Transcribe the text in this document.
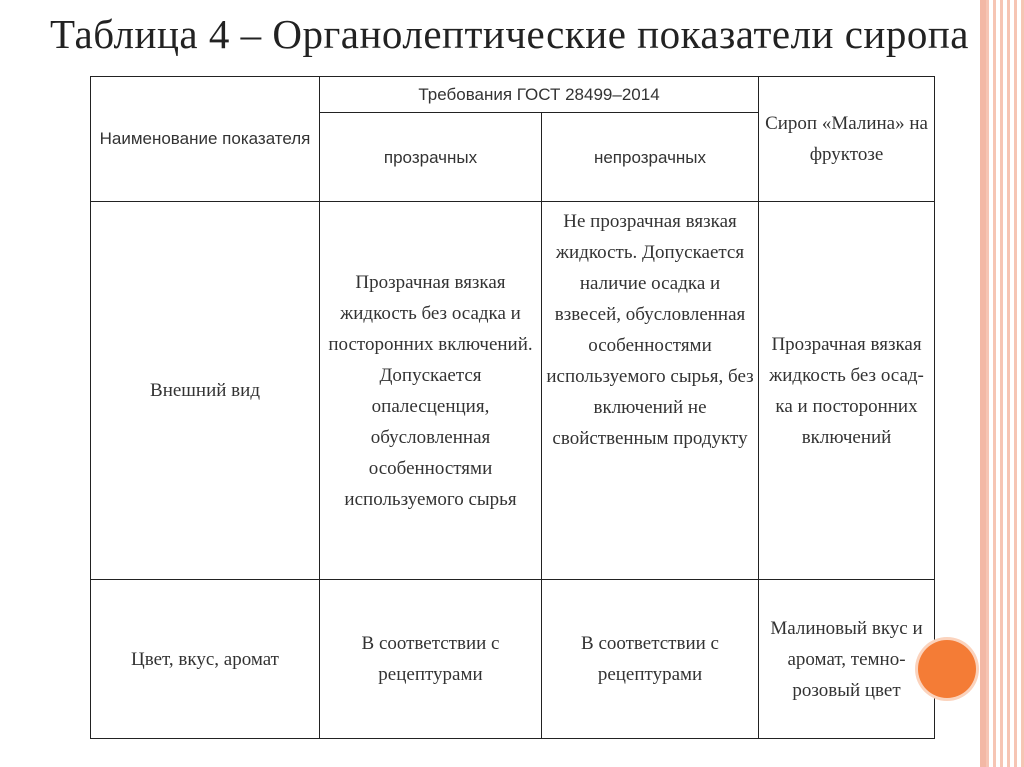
Таблица 4 – Органолептические показатели сиропа
Наименование показателя	Требования ГОСТ 28499–2014		Сироп «Малина» на фруктозе
	прозрачных	непрозрачных	
Внешний вид	Прозрачная вязкая жидкость без осадка и посторонних включений. Допускается опалесценция, обусловленная особенностями используемого сырья	Не прозрачная вязкая жидкость. Допускается наличие осадка и взвесей, обусловленная особенностями используемого сырья, без включений не свойственным продукту	Прозрачная вязкая жидкость без осад-ка и посторонних включений
Цвет, вкус, аромат	В соответствии с рецептурами	В соответствии с рецептурами	Малиновый вкус и аромат, темно-розовый цвет
